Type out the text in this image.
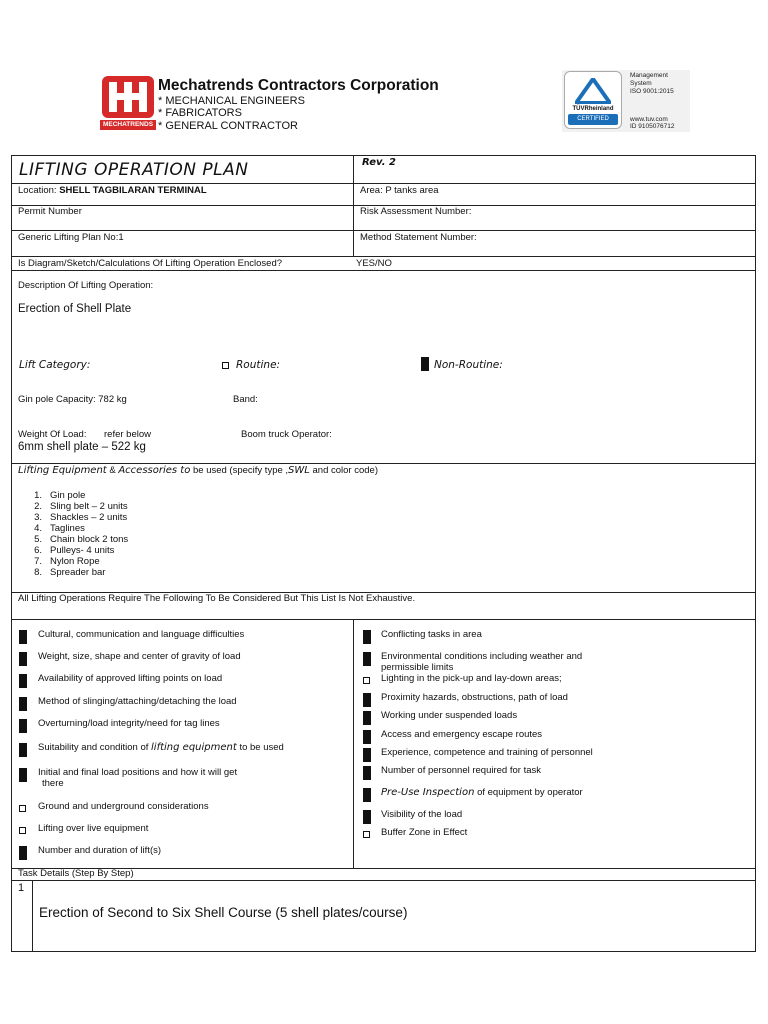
MECHATRENDS
Mechatrends Contractors Corporation
* MECHANICAL ENGINEERS
* FABRICATORS
* GENERAL CONTRACTOR
TÜVRheinland
CERTIFIED
Management
System
ISO 9001:2015
www.tuv.com
ID 9105076712
LIFTING OPERATION PLAN	Rev. 2
Location: SHELL TAGBILARAN TERMINAL	Area: P tanks area
Permit Number	Risk Assessment Number:
Generic Lifting Plan No:1	Method Statement Number:
Is Diagram/Sketch/Calculations Of Lifting Operation Enclosed?	YES/NO
Description Of Lifting Operation:
Erection of Shell Plate
Lift Category:	Routine:	Non-Routine:
Gin pole Capacity: 782 kg	Band:
Weight Of Load: refer below	Boom truck Operator:
6mm shell plate – 522 kg
Lifting Equipment & Accessories to be used (specify type ,SWL and color code)
1. Gin pole
2. Sling belt – 2 units
3. Shackles – 2 units
4. Taglines
5. Chain block 2 tons
6. Pulleys- 4 units
7. Nylon Rope
8. Spreader bar
All Lifting Operations Require The Following To Be Considered But This List Is Not Exhaustive.
Cultural, communication and language difficulties
Weight, size, shape and center of gravity of load
Availability of approved lifting points on load
Method of slinging/attaching/detaching the load
Overturning/load integrity/need for tag lines
Suitability and condition of lifting equipment to be used
Initial and final load positions and how it will get
there
Ground and underground considerations
Lifting over live equipment
Number and duration of lift(s)
Conflicting tasks in area
Environmental conditions including weather and
permissible limits
Lighting in the pick-up and lay-down areas;
Proximity hazards, obstructions, path of load
Working under suspended loads
Access and emergency escape routes
Experience, competence and training of personnel
Number of personnel required for task
Pre-Use Inspection of equipment by operator
Visibility of the load
Buffer Zone in Effect
Task Details (Step By Step)
1
Erection of Second to Six Shell Course (5 shell plates/course)
